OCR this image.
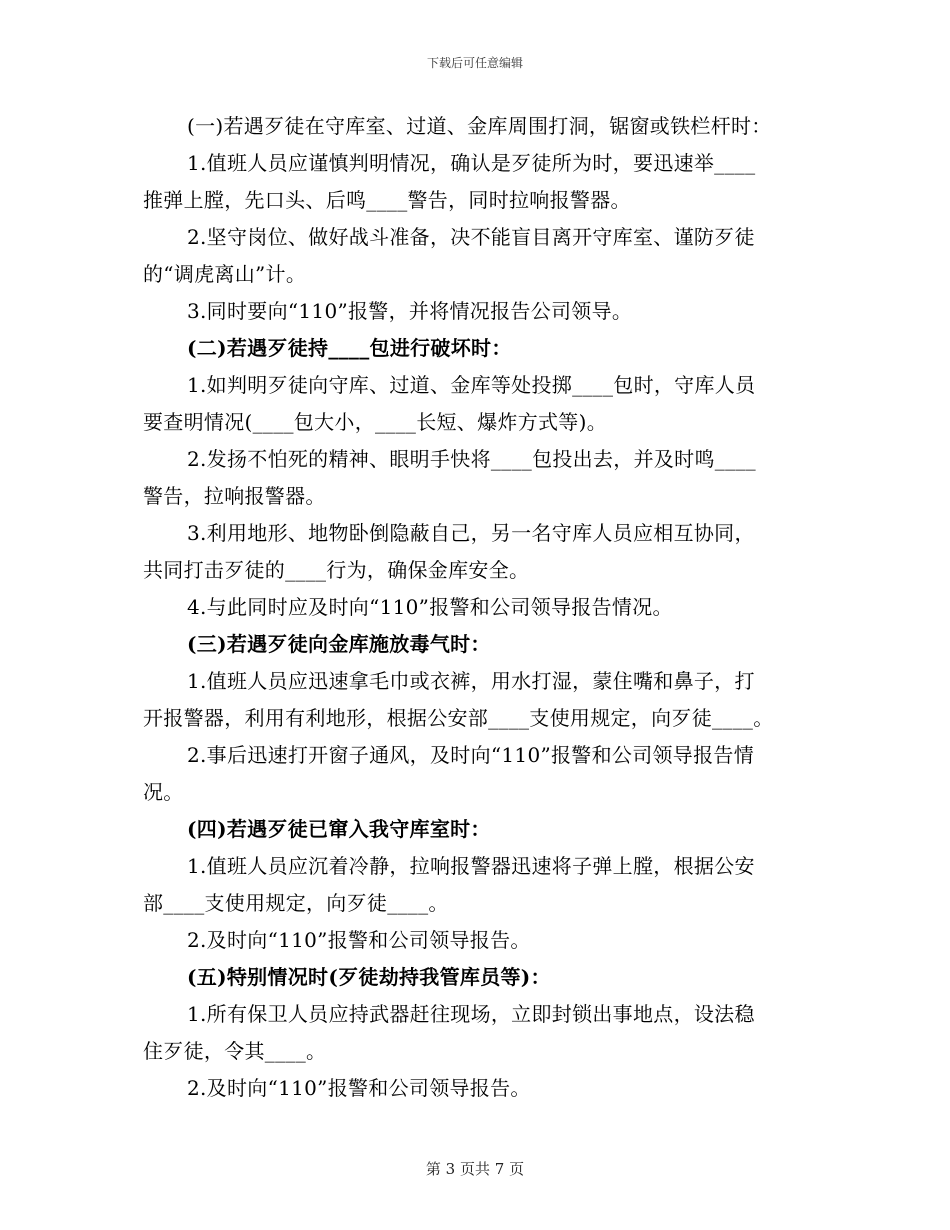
下载后可任意编辑
(一)若遇歹徒在守库室、过道、金库周围打洞，锯窗或铁栏杆时：
1.值班人员应谨慎判明情况，确认是歹徒所为时，要迅速举____
推弹上膛，先口头、后鸣____警告，同时拉响报警器。
2.坚守岗位、做好战斗准备，决不能盲目离开守库室、谨防歹徒
的“调虎离山”计。
3.同时要向“110”报警，并将情况报告公司领导。
(二)若遇歹徒持____包进行破坏时：
1.如判明歹徒向守库、过道、金库等处投掷____包时，守库人员
要查明情况(____包大小，____长短、爆炸方式等)。
2.发扬不怕死的精神、眼明手快将____包投出去，并及时鸣____
警告，拉响报警器。
3.利用地形、地物卧倒隐蔽自己，另一名守库人员应相互协同，
共同打击歹徒的____行为，确保金库安全。
4.与此同时应及时向“110”报警和公司领导报告情况。
(三)若遇歹徒向金库施放毒气时：
1.值班人员应迅速拿毛巾或衣裤，用水打湿，蒙住嘴和鼻子，打
开报警器，利用有利地形，根据公安部____支使用规定，向歹徒____。
2.事后迅速打开窗子通风，及时向“110”报警和公司领导报告情
况。
(四)若遇歹徒已窜入我守库室时：
1.值班人员应沉着冷静，拉响报警器迅速将子弹上膛，根据公安
部____支使用规定，向歹徒____。
2.及时向“110”报警和公司领导报告。
(五)特别情况时(歹徒劫持我管库员等)：
1.所有保卫人员应持武器赶往现场，立即封锁出事地点，设法稳
住歹徒，令其____。
2.及时向“110”报警和公司领导报告。
第 3 页共 7 页
